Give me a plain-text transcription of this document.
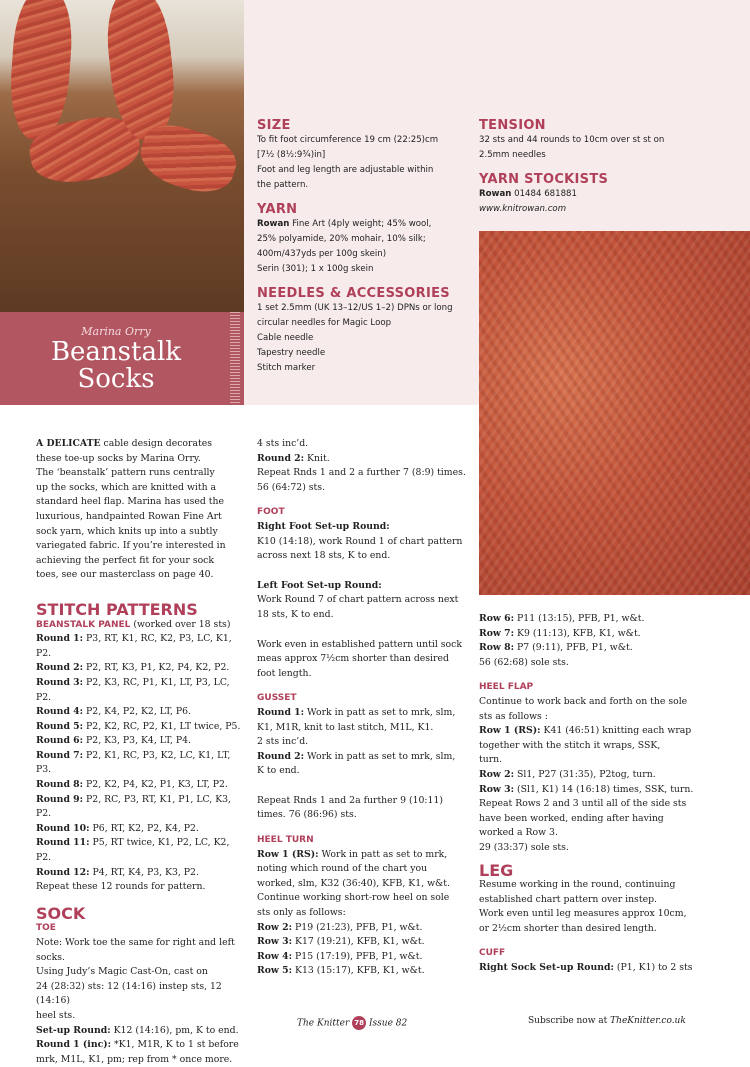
Marina Orry
Beanstalk
Socks

SIZE

To fit foot circumference 19 cm (22:25)cm

[7½ (8½:9¾)in]

Foot and leg length are adjustable within

the pattern.

YARN

Rowan Fine Art (4ply weight; 45% wool,

25% polyamide, 20% mohair, 10% silk;

400m/437yds per 100g skein)

Serin (301); 1 x 100g skein

NEEDLES & ACCESSORIES

1 set 2.5mm (UK 13–12/US 1–2) DPNs or long

circular needles for Magic Loop

Cable needle

Tapestry needle

Stitch marker

TENSION

32 sts and 44 rounds to 10cm over st st on

2.5mm needles

YARN STOCKISTS

Rowan 01484 681881

www.knitrowan.com

A DELICATE cable design decorates

these toe-up socks by Marina Orry.

The ‘beanstalk’ pattern runs centrally

up the socks, which are knitted with a

standard heel flap. Marina has used the

luxurious, handpainted Rowan Fine Art

sock yarn, which knits up into a subtly

variegated fabric. If you’re interested in

achieving the perfect fit for your sock

toes, see our masterclass on page 40.

STITCH PATTERNS

BEANSTALK PANEL (worked over 18 sts)

Round 1: P3, RT, K1, RC, K2, P3, LC, K1, P2.

Round 2: P2, RT, K3, P1, K2, P4, K2, P2.

Round 3: P2, K3, RC, P1, K1, LT, P3, LC, P2.

Round 4: P2, K4, P2, K2, LT, P6.

Round 5: P2, K2, RC, P2, K1, LT twice, P5.

Round 6: P2, K3, P3, K4, LT, P4.

Round 7: P2, K1, RC, P3, K2, LC, K1, LT, P3.

Round 8: P2, K2, P4, K2, P1, K3, LT, P2.

Round 9: P2, RC, P3, RT, K1, P1, LC, K3, P2.

Round 10: P6, RT, K2, P2, K4, P2.

Round 11: P5, RT twice, K1, P2, LC, K2, P2.

Round 12: P4, RT, K4, P3, K3, P2.

Repeat these 12 rounds for pattern.

SOCK

TOE

Note: Work toe the same for right and left

socks.

Using Judy’s Magic Cast-On, cast on

24 (28:32) sts: 12 (14:16) instep sts, 12 (14:16)

heel sts.

Set-up Round: K12 (14:16), pm, K to end.

Round 1 (inc): *K1, M1R, K to 1 st before

mrk, M1L, K1, pm; rep from * once more.

4 sts inc’d.

Round 2: Knit.

Repeat Rnds 1 and 2 a further 7 (8:9) times.

56 (64:72) sts.

FOOT

Right Foot Set-up Round:

K10 (14:18), work Round 1 of chart pattern

across next 18 sts, K to end.

Left Foot Set-up Round:

Work Round 7 of chart pattern across next

18 sts, K to end.

Work even in established pattern until sock

meas approx 7½cm shorter than desired

foot length.

GUSSET

Round 1: Work in patt as set to mrk, slm,

K1, M1R, knit to last stitch, M1L, K1.

2 sts inc’d.

Round 2: Work in patt as set to mrk, slm,

K to end.

Repeat Rnds 1 and 2a further 9 (10:11)

times. 76 (86:96) sts.

HEEL TURN

Row 1 (RS): Work in patt as set to mrk,

noting which round of the chart you

worked, slm, K32 (36:40), KFB, K1, w&t.

Continue working short-row heel on sole

sts only as follows:

Row 2: P19 (21:23), PFB, P1, w&t.

Row 3: K17 (19:21), KFB, K1, w&t.

Row 4: P15 (17:19), PFB, P1, w&t.

Row 5: K13 (15:17), KFB, K1, w&t.

Row 6: P11 (13:15), PFB, P1, w&t.

Row 7: K9 (11:13), KFB, K1, w&t.

Row 8: P7 (9:11), PFB, P1, w&t.

56 (62:68) sole sts.

HEEL FLAP

Continue to work back and forth on the sole

sts as follows :

Row 1 (RS): K41 (46:51) knitting each wrap

together with the stitch it wraps, SSK,

turn.

Row 2: Sl1, P27 (31:35), P2tog, turn.

Row 3: (Sl1, K1) 14 (16:18) times, SSK, turn.

Repeat Rows 2 and 3 until all of the side sts

have been worked, ending after having

worked a Row 3.

29 (33:37) sole sts.

LEG

Resume working in the round, continuing

established chart pattern over instep.

Work even until leg measures approx 10cm,

or 2½cm shorter than desired length.

CUFF

Right Sock Set-up Round: (P1, K1) to 2 sts

The Knitter 78 Issue 82	Subscribe now at TheKnitter.co.uk
